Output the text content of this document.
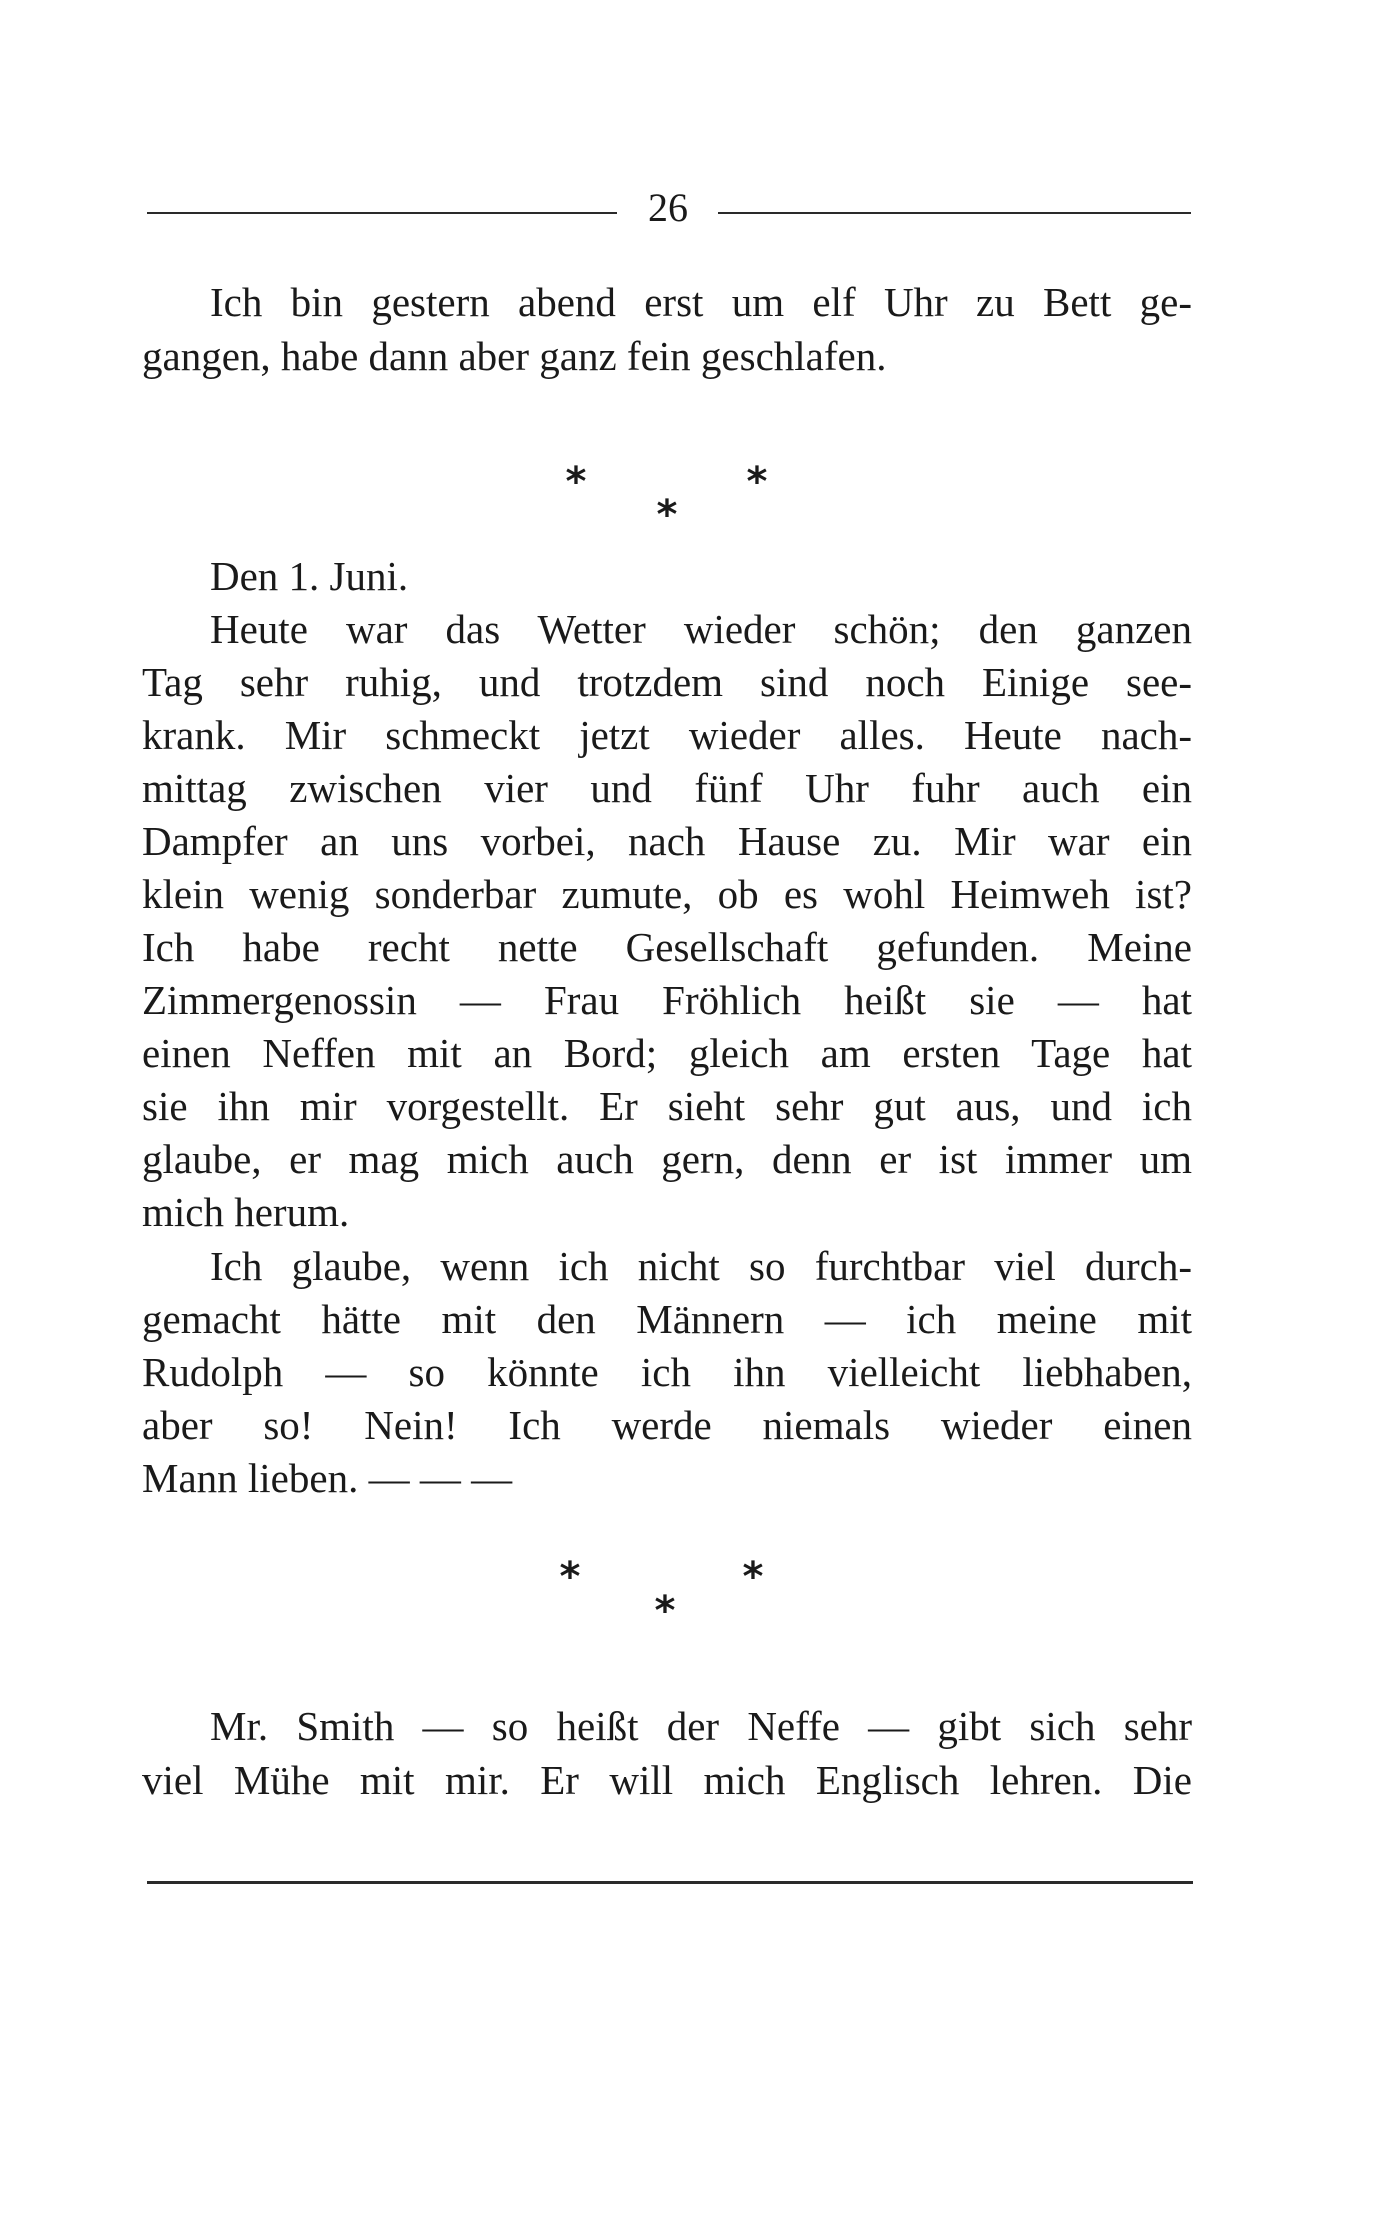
26
Ich bin gestern abend erst um elf Uhr zu Bett ge-
gangen, habe dann aber ganz fein geschlafen.
*	*
*
Den 1. Juni.
Heute war das Wetter wieder schön; den ganzen
Tag sehr ruhig, und trotzdem sind noch Einige see-
krank. Mir schmeckt jetzt wieder alles. Heute nach-
mittag zwischen vier und fünf Uhr fuhr auch ein
Dampfer an uns vorbei, nach Hause zu. Mir war ein
klein wenig sonderbar zumute, ob es wohl Heimweh ist?
Ich habe recht nette Gesellschaft gefunden. Meine
Zimmergenossin — Frau Fröhlich heißt sie — hat
einen Neffen mit an Bord; gleich am ersten Tage hat
sie ihn mir vorgestellt. Er sieht sehr gut aus, und ich
glaube, er mag mich auch gern, denn er ist immer um
mich herum.
Ich glaube, wenn ich nicht so furchtbar viel durch-
gemacht hätte mit den Männern — ich meine mit
Rudolph — so könnte ich ihn vielleicht liebhaben,
aber so! Nein! Ich werde niemals wieder einen
Mann lieben. — — —
*	*
*
Mr. Smith — so heißt der Neffe — gibt sich sehr
viel Mühe mit mir. Er will mich Englisch lehren. Die
